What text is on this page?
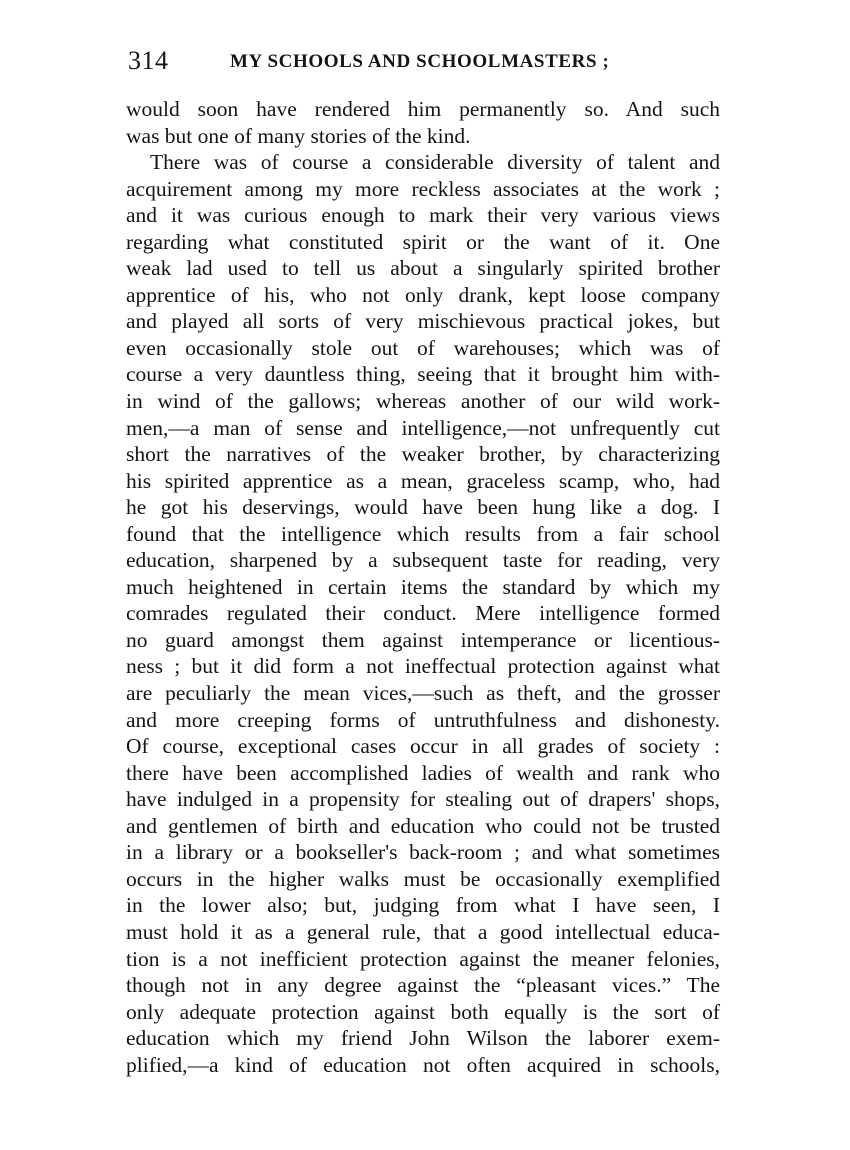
314	MY SCHOOLS AND SCHOOLMASTERS ;
would soon have rendered him permanently so. And such
was but one of many stories of the kind.
There was of course a considerable diversity of talent and
acquirement among my more reckless associates at the work ;
and it was curious enough to mark their very various views
regarding what constituted spirit or the want of it. One
weak lad used to tell us about a singularly spirited brother
apprentice of his, who not only drank, kept loose company
and played all sorts of very mischievous practical jokes, but
even occasionally stole out of warehouses; which was of
course a very dauntless thing, seeing that it brought him with-
in wind of the gallows; whereas another of our wild work-
men,—a man of sense and intelligence,—not unfrequently cut
short the narratives of the weaker brother, by characterizing
his spirited apprentice as a mean, graceless scamp, who, had
he got his deservings, would have been hung like a dog. I
found that the intelligence which results from a fair school
education, sharpened by a subsequent taste for reading, very
much heightened in certain items the standard by which my
comrades regulated their conduct. Mere intelligence formed
no guard amongst them against intemperance or licentious-
ness ; but it did form a not ineffectual protection against what
are peculiarly the mean vices,—such as theft, and the grosser
and more creeping forms of untruthfulness and dishonesty.
Of course, exceptional cases occur in all grades of society :
there have been accomplished ladies of wealth and rank who
have indulged in a propensity for stealing out of drapers' shops,
and gentlemen of birth and education who could not be trusted
in a library or a bookseller's back-room ; and what sometimes
occurs in the higher walks must be occasionally exemplified
in the lower also; but, judging from what I have seen, I
must hold it as a general rule, that a good intellectual educa-
tion is a not inefficient protection against the meaner felonies,
though not in any degree against the “pleasant vices.” The
only adequate protection against both equally is the sort of
education which my friend John Wilson the laborer exem-
plified,—a kind of education not often acquired in schools,
